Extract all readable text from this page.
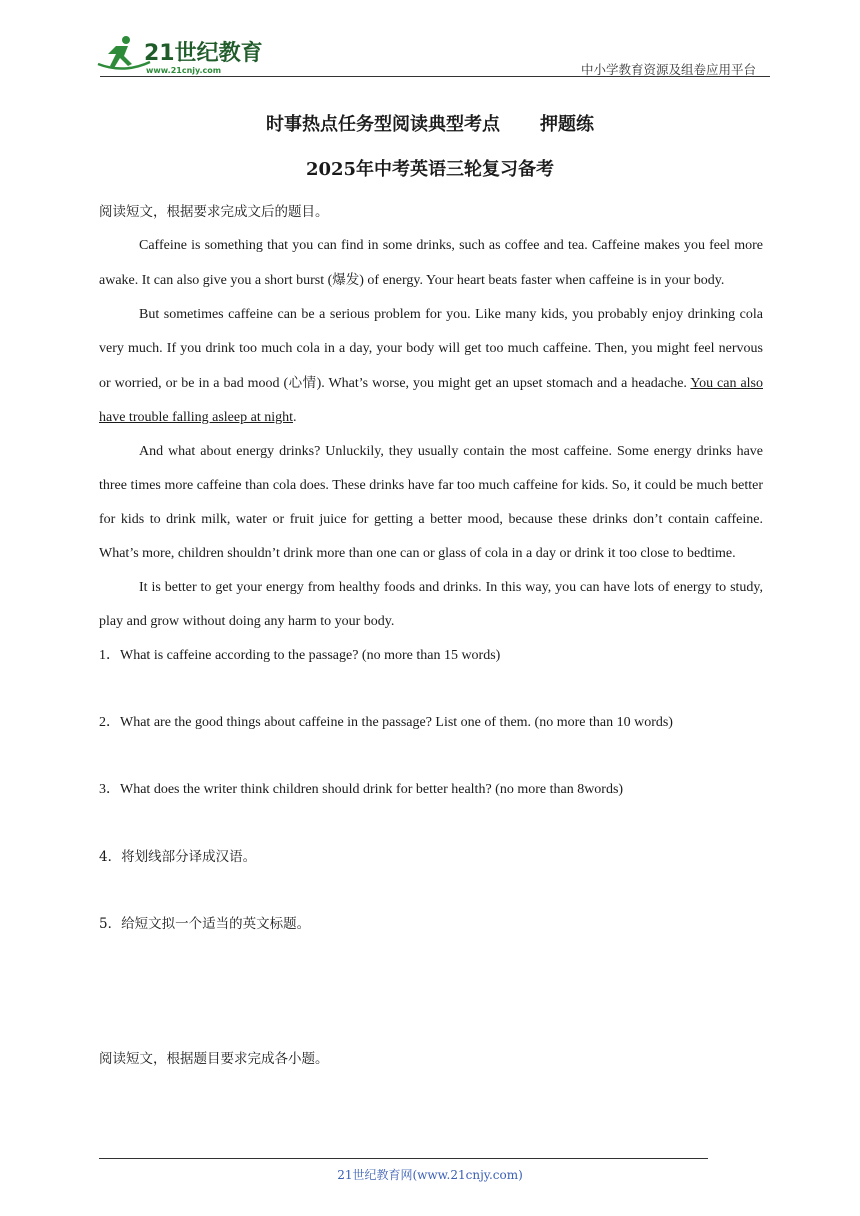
21世纪教育
www.21cnjy.com	中小学教育资源及组卷应用平台
时事热点任务型阅读典型考点 押题练
2025年中考英语三轮复习备考

阅读短文，根据要求完成文后的题目。

Caffeine is something that you can find in some drinks, such as coffee and tea. Caffeine makes you feel more awake. It can also give you a short burst (爆发) of energy. Your heart beats faster when caffeine is in your body.

But sometimes caffeine can be a serious problem for you. Like many kids, you probably enjoy drinking cola very much. If you drink too much cola in a day, your body will get too much caffeine. Then, you might feel nervous or worried, or be in a bad mood (心情). What’s worse, you might get an upset stomach and a headache. You can also have trouble falling asleep at night.

And what about energy drinks? Unluckily, they usually contain the most caffeine. Some energy drinks have three times more caffeine than cola does. These drinks have far too much caffeine for kids. So, it could be much better for kids to drink milk, water or fruit juice for getting a better mood, because these drinks don’t contain caffeine. What’s more, children shouldn’t drink more than one can or glass of cola in a day or drink it too close to bedtime.

It is better to get your energy from healthy foods and drinks. In this way, you can have lots of energy to study, play and grow without doing any harm to your body.

1．What is caffeine according to the passage? (no more than 15 words)

2．What are the good things about caffeine in the passage? List one of them. (no more than 10 words)

3．What does the writer think children should drink for better health? (no more than 8words)

4．将划线部分译成汉语。

5．给短文拟一个适当的英文标题。

阅读短文，根据题目要求完成各小题。

21世纪教育网(www.21cnjy.com)
